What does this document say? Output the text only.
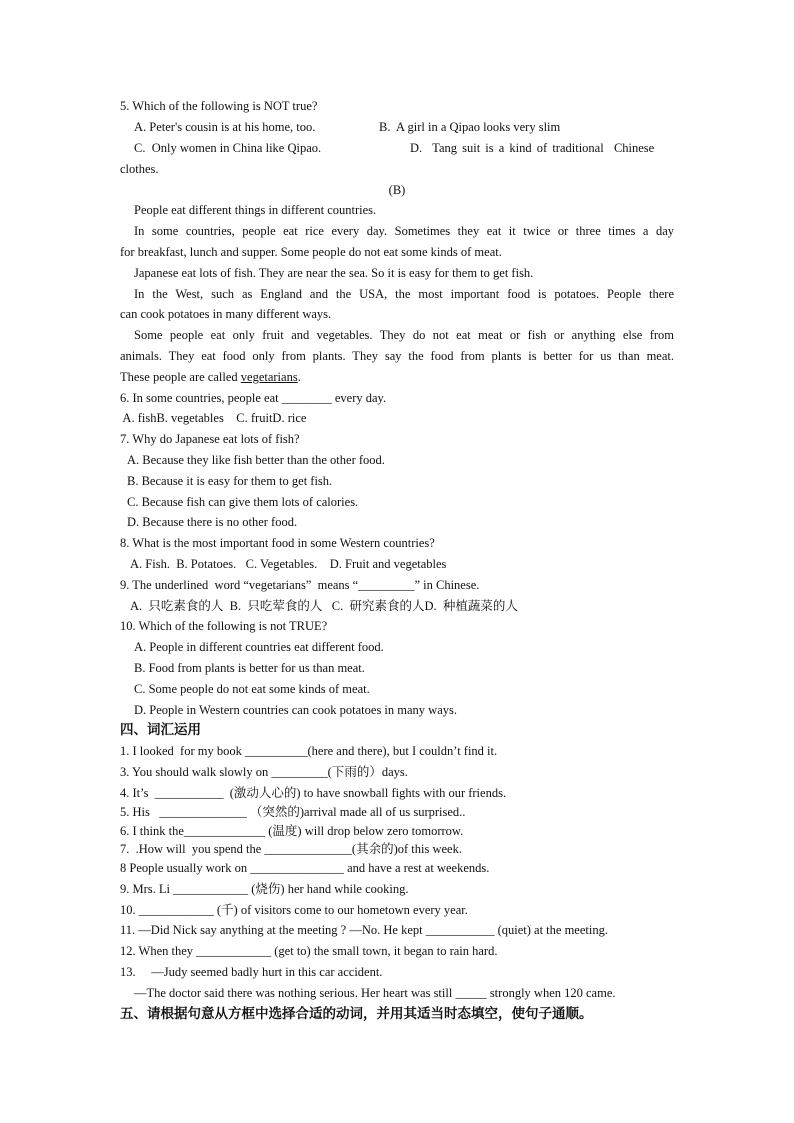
5. Which of the following is NOT true?
A. Peter's cousin is at his home, too.	B.  A girl in a Qipao looks very slim
C.  Only women in China like Qipao.	D.  Tang suit is a kind of traditional  Chinese
clothes.
(B)
People eat different things in different countries.
In some countries, people eat rice every day. Sometimes they eat it twice or three times a day
for breakfast, lunch and supper. Some people do not eat some kinds of meat.
Japanese eat lots of fish. They are near the sea. So it is easy for them to get fish.
In the West, such as England and the USA, the most important food is potatoes. People there
can cook potatoes in many different ways.
Some people eat only fruit and vegetables. They do not eat meat or fish or anything else from
animals. They eat food only from plants. They say the food from plants is better for us than meat.
These people are called vegetarians.
6. In some countries, people eat ________ every day.
A. fishB. vegetables    C. fruitD. rice
7. Why do Japanese eat lots of fish?
A. Because they like fish better than the other food.
B. Because it is easy for them to get fish.
C. Because fish can give them lots of calories.
D. Because there is no other food.
8. What is the most important food in some Western countries?
A. Fish.  B. Potatoes.   C. Vegetables.    D. Fruit and vegetables
9. The underlined  word “vegetarians”  means “_________” in Chinese.
A.  只吃素食的人  B.  只吃荤食的人   C.  研究素食的人D.  种植蔬菜的人
10. Which of the following is not TRUE?
A. People in different countries eat different food.
B. Food from plants is better for us than meat.
C. Some people do not eat some kinds of meat.
D. People in Western countries can cook potatoes in many ways.
四、词汇运用
1. I looked  for my book __________(here and there), but I couldn’t find it.
3. You should walk slowly on _________(下雨的）days.
4. It’s  ___________  (激动人心的) to have snowball fights with our friends.
5. His   ______________ （突然的)arrival made all of us surprised..
6. I think the_____________ (温度) will drop below zero tomorrow.
7.  .How will  you spend the ______________(其余的)of this week.
8 People usually work on _______________ and have a rest at weekends.
9. Mrs. Li ____________ (烧伤) her hand while cooking.
10. ____________ (千) of visitors come to our hometown every year.
11. —Did Nick say anything at the meeting ? —No. He kept ___________ (quiet) at the meeting.
12. When they ____________ (get to) the small town, it began to rain hard.
13.     —Judy seemed badly hurt in this car accident.
—The doctor said there was nothing serious. Her heart was still _____ strongly when 120 came.
五、请根据句意从方框中选择合适的动词，并用其适当时态填空，使句子通顺。
